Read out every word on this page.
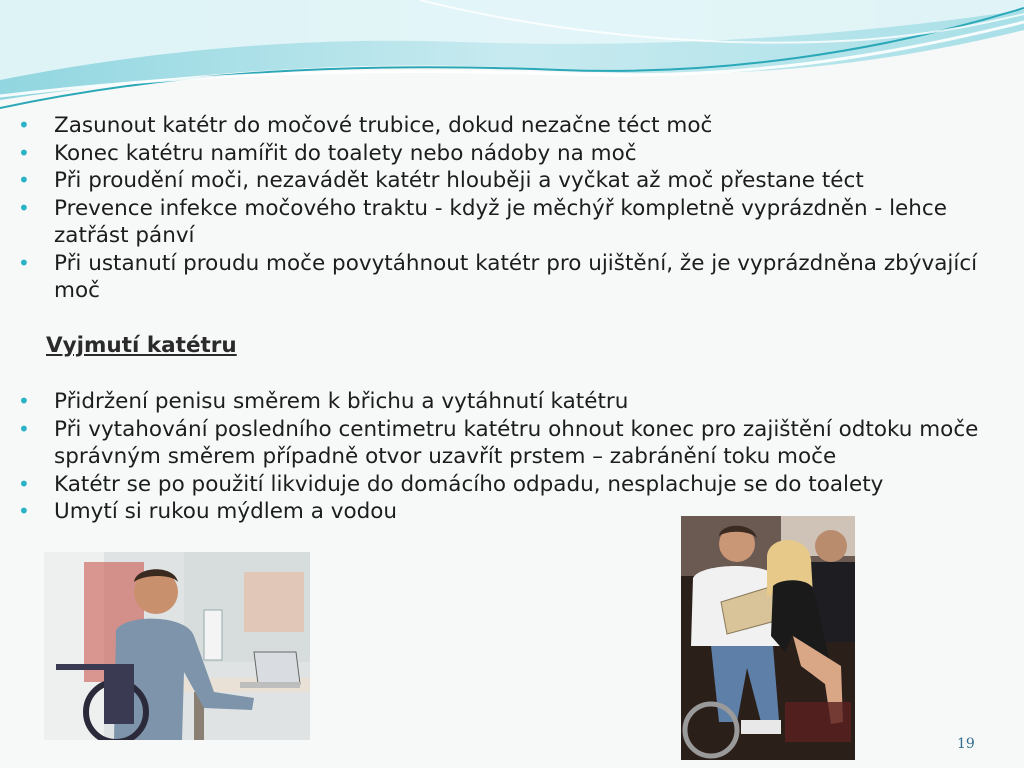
• Zasunout katétr do močové trubice, dokud nezačne téct moč
• Konec katétru namířit do toalety nebo nádoby na moč
• Při proudění moči, nezavádět katétr hlouběji a vyčkat až moč přestane téct
• Prevence infekce močového traktu - když je měchýř kompletně vyprázdněn - lehce zatřást pánví
• Při ustanutí proudu moče povytáhnout katétr pro ujištění, že je vyprázdněna zbývající moč
Vyjmutí katétru
• Přidržení penisu směrem k břichu a vytáhnutí katétru
• Při vytahování posledního centimetru katétru ohnout konec pro zajištění odtoku moče správným směrem případně otvor uzavřít prstem – zabránění toku moče
• Katétr se po použití likviduje do domácího odpadu, nesplachuje se do toalety
• Umytí si rukou mýdlem a vodou
19
